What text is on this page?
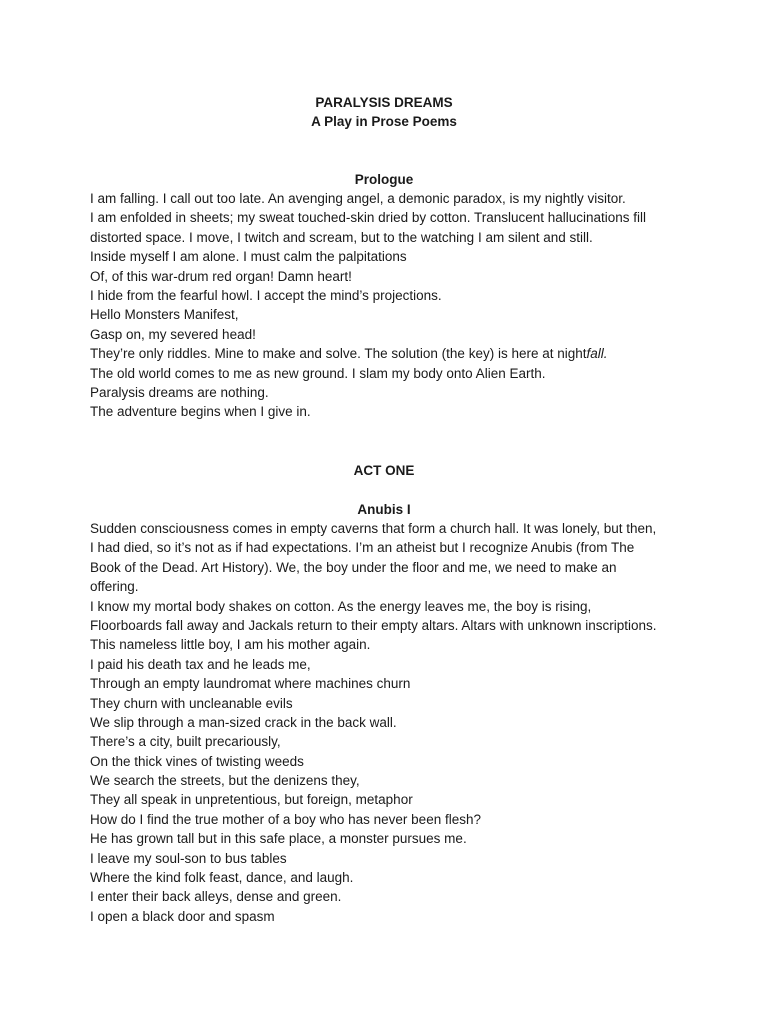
PARALYSIS DREAMS

A Play in Prose Poems

Prologue

I am falling. I call out too late. An avenging angel, a demonic paradox, is my nightly visitor.
I am enfolded in sheets; my sweat touched-skin dried by cotton. Translucent hallucinations fill
distorted space. I move, I twitch and scream, but to the watching I am silent and still.
Inside myself I am alone. I must calm the palpitations
Of, of this war-drum red organ! Damn heart!
I hide from the fearful howl. I accept the mind’s projections.
Hello Monsters Manifest,
Gasp on, my severed head!
They’re only riddles. Mine to make and solve. The solution (the key) is here at nightfall.
The old world comes to me as new ground. I slam my body onto Alien Earth.
Paralysis dreams are nothing.
The adventure begins when I give in.

ACT ONE

Anubis I

Sudden consciousness comes in empty caverns that form a church hall. It was lonely, but then,
I had died, so it’s not as if had expectations. I’m an atheist but I recognize Anubis (from The
Book of the Dead. Art History). We, the boy under the floor and me, we need to make an
offering.
I know my mortal body shakes on cotton. As the energy leaves me, the boy is rising,
Floorboards fall away and Jackals return to their empty altars. Altars with unknown inscriptions.
This nameless little boy, I am his mother again.
I paid his death tax and he leads me,
Through an empty laundromat where machines churn
They churn with uncleanable evils
We slip through a man-sized crack in the back wall.
There’s a city, built precariously,
On the thick vines of twisting weeds
We search the streets, but the denizens they,
They all speak in unpretentious, but foreign, metaphor
How do I find the true mother of a boy who has never been flesh?
He has grown tall but in this safe place, a monster pursues me.
I leave my soul-son to bus tables
Where the kind folk feast, dance, and laugh.
I enter their back alleys, dense and green.
I open a black door and spasm
